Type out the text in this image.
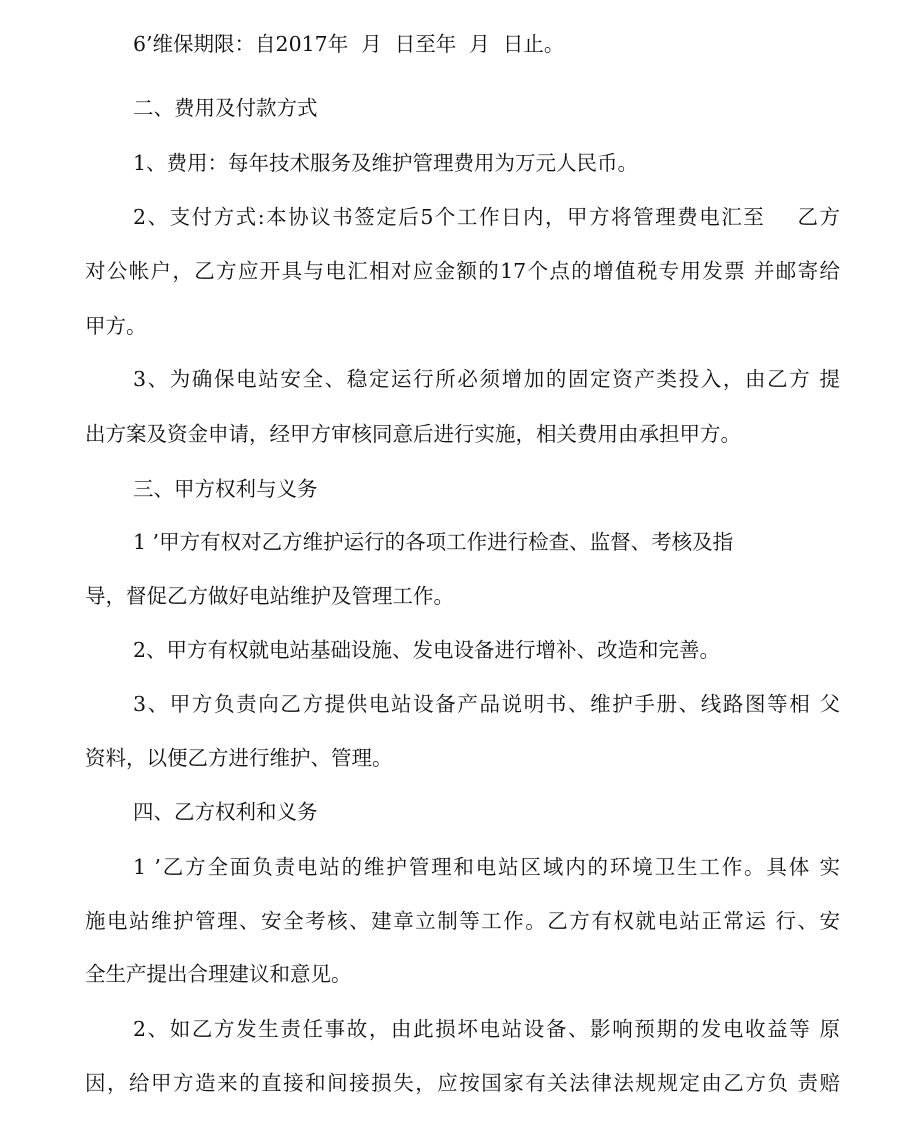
6’维保期限：自2017年  月  日至年  月  日止。
二、费用及付款方式
1、费用：每年技术服务及维护管理费用为万元人民币。
2、支付方式:本协议书签定后5个工作日内，甲方将管理费电汇至    乙方
对公帐户，乙方应开具与电汇相对应金额的17个点的增值税专用发票 并邮寄给
甲方。
3、为确保电站安全、稳定运行所必须增加的固定资产类投入，由乙方 提
出方案及资金申请，经甲方审核同意后进行实施，相关费用由承担甲方。
三、甲方权利与义务
1 ’甲方有权对乙方维护运行的各项工作进行检查、监督、考核及指
导，督促乙方做好电站维护及管理工作。
2、甲方有权就电站基础设施、发电设备进行增补、改造和完善。
3、甲方负责向乙方提供电站设备产品说明书、维护手册、线路图等相 父
资料，以便乙方进行维护、管理。
四、乙方权利和义务
1 ’乙方全面负责电站的维护管理和电站区域内的环境卫生工作。具体 实
施电站维护管理、安全考核、建章立制等工作。乙方有权就电站正常运 行、安
全生产提出合理建议和意见。
2、如乙方发生责任事故，由此损坏电站设备、影响预期的发电收益等 原
因，给甲方造来的直接和间接损失，应按国家有关法律法规规定由乙方负 责赔
